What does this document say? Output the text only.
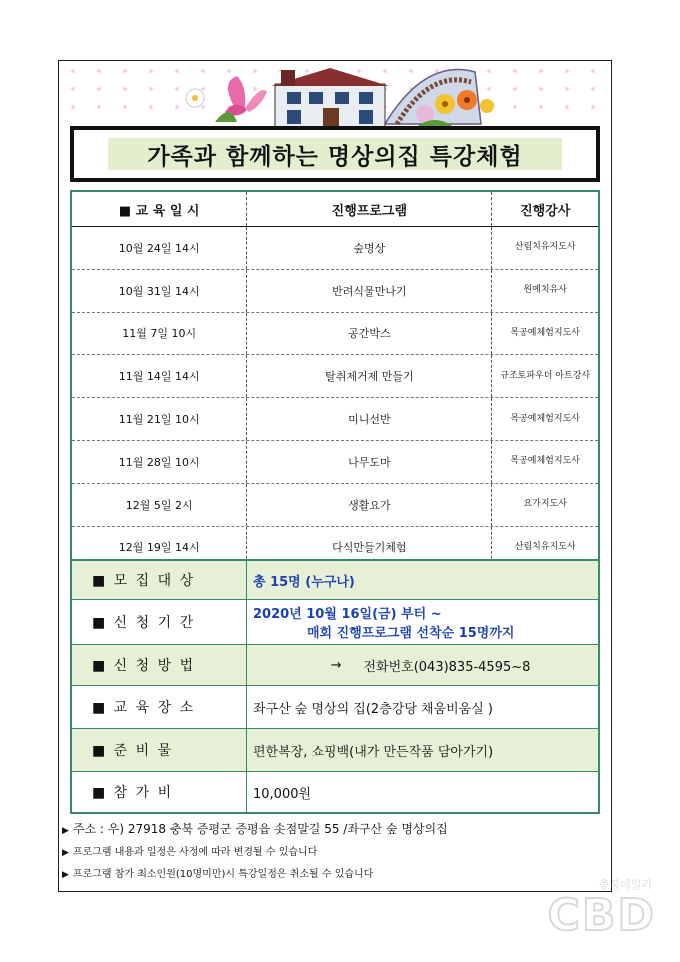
가족과 함께하는 명상의집 특강체험
■ 교 육 일 시	진행프로그램	진행강사
10월 24일 14시	숲명상	산림치유지도사
10월 31일 14시	반려식물만나기	원예치유사
11월 7일 10시	공간박스	목공예체험지도사
11월 14일 14시	탈취제거제 만들기	규조토파우더 아트강사
11월 21일 10시	미니선반	목공예체험지도사
11월 28일 10시	나무도마	목공예체험지도사
12월 5일 2시	생활요가	요가지도사
12월 19일 14시	다식만들기체험	산림치유지도사
■ 모 집 대 상	총 15명 (누구나)
■ 신 청 기 간
2020년 10월 16일(금) 부터 ~
매회 진행프로그램 선착순 15명까지
■ 신 청 방 법	→ 전화번호(043)835-4595~8
■ 교 육 장 소	좌구산 숲 명상의 집(2층강당 채움비움실 )
■ 준 비 물	편한복장, 쇼핑백(내가 만든작품 담아가기)
■ 참 가 비	10,000원
▶ 주소 : 우) 27918 충북 증평군 증평읍 솟점말길 55 /좌구산 숲 명상의집
▶ 프로그램 내용과 일정은 사정에 따라 변경될 수 있습니다
▶ 프로그램 참가 최소인원(10명미만)시 특강일정은 취소될 수 있습니다
충북데일리
CBD
